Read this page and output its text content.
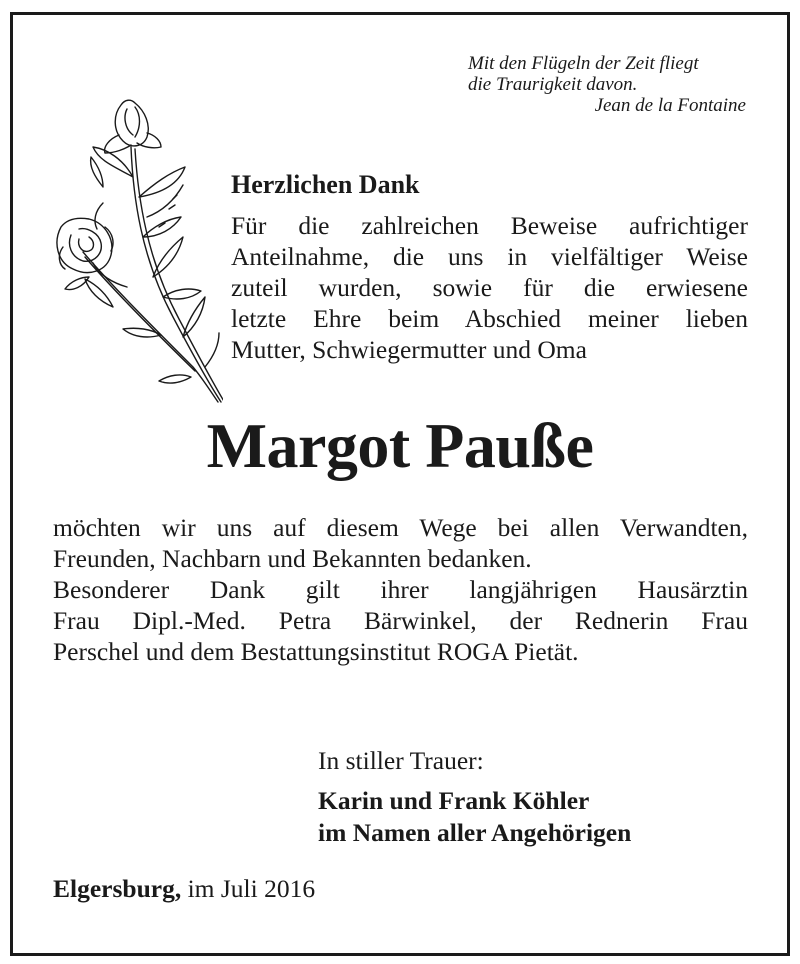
Mit den Flügeln der Zeit fliegt
die Traurigkeit davon.
Jean de la Fontaine
Herzlichen Dank
Für die zahlreichen Beweise aufrichtiger
Anteilnahme, die uns in vielfältiger Weise
zuteil wurden, sowie für die erwiesene
letzte Ehre beim Abschied meiner lieben
Mutter, Schwiegermutter und Oma
Margot Pauße
möchten wir uns auf diesem Wege bei allen Verwandten,
Freunden, Nachbarn und Bekannten bedanken.
Besonderer Dank gilt ihrer langjährigen Hausärztin
Frau Dipl.-Med. Petra Bärwinkel, der Rednerin Frau
Perschel und dem Bestattungsinstitut ROGA Pietät.
In stiller Trauer:
Karin und Frank Köhler
im Namen aller Angehörigen
Elgersburg, im Juli 2016
